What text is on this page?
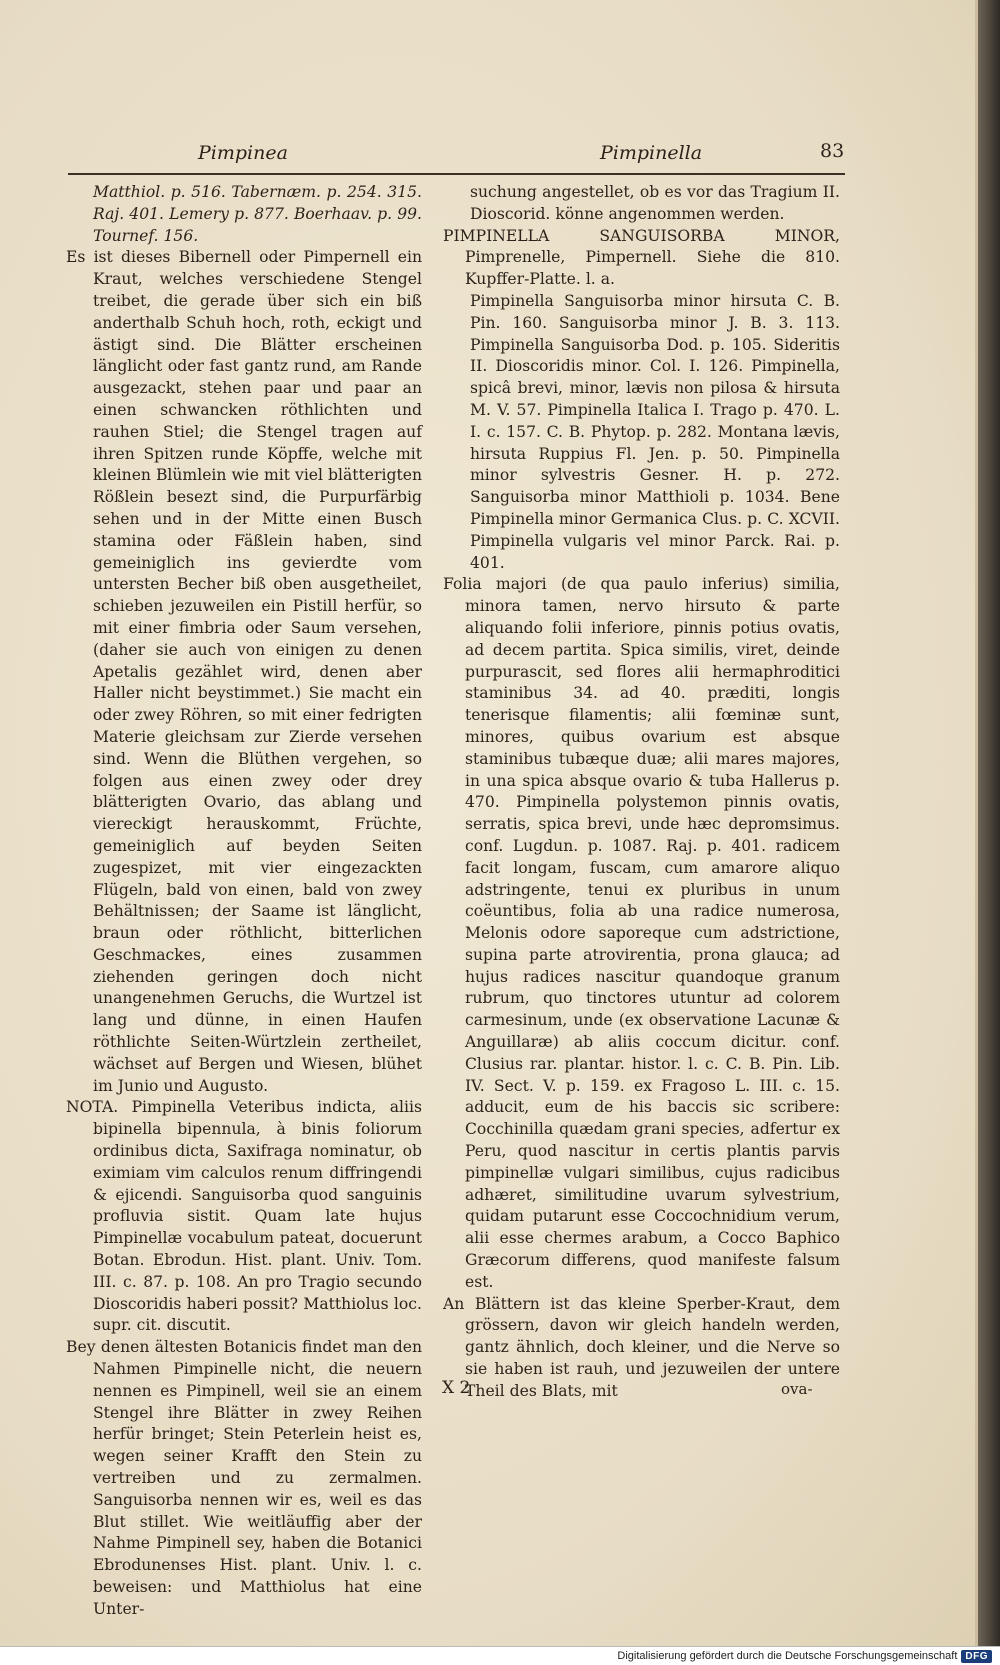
Pimpinea	Pimpinella	83

Matthiol. p. 516. Tabernæm. p. 254. 315. Raj. 401. Lemery p. 877. Boerhaav. p. 99. Tournef. 156.

Es ist dieses Bibernell oder Pimpernell ein Kraut, welches verschiedene Stengel treibet, die gerade über sich ein biß anderthalb Schuh hoch, roth, eckigt und ästigt sind. Die Blätter erscheinen länglicht oder fast gantz rund, am Rande ausgezackt, stehen paar und paar an einen schwancken röthlichten und rauhen Stiel; die Stengel tragen auf ihren Spitzen runde Köpffe, welche mit kleinen Blümlein wie mit viel blätterigten Rößlein besezt sind, die Purpurfärbig sehen und in der Mitte einen Busch stamina oder Fäßlein haben, sind gemeiniglich ins gevierdte vom untersten Becher biß oben ausgetheilet, schieben jezuweilen ein Pistill herfür, so mit einer fimbria oder Saum versehen, (daher sie auch von einigen zu denen Apetalis gezählet wird, denen aber Haller nicht beystimmet.) Sie macht ein oder zwey Röhren, so mit einer fedrigten Materie gleichsam zur Zierde versehen sind. Wenn die Blüthen vergehen, so folgen aus einen zwey oder drey blätterigten Ovario, das ablang und viereckigt herauskommt, Früchte, gemeiniglich auf beyden Seiten zugespizet, mit vier eingezackten Flügeln, bald von einen, bald von zwey Behältnissen; der Saame ist länglicht, braun oder röthlicht, bitterlichen Geschmackes, eines zusammen ziehenden geringen doch nicht unangenehmen Geruchs, die Wurtzel ist lang und dünne, in einen Haufen röthlichte Seiten-Würtzlein zertheilet, wächset auf Bergen und Wiesen, blühet im Junio und Augusto.

NOTA. Pimpinella Veteribus indicta, aliis bipinella bipennula, à binis foliorum ordinibus dicta, Saxifraga nominatur, ob eximiam vim calculos renum diffringendi & ejicendi. Sanguisorba quod sanguinis profluvia sistit. Quam late hujus Pimpinellæ vocabulum pateat, docuerunt Botan. Ebrodun. Hist. plant. Univ. Tom. III. c. 87. p. 108. An pro Tragio secundo Dioscoridis haberi possit? Matthiolus loc. supr. cit. discutit.

Bey denen ältesten Botanicis findet man den Nahmen Pimpinelle nicht, die neuern nennen es Pimpinell, weil sie an einem Stengel ihre Blätter in zwey Reihen herfür bringet; Stein Peterlein heist es, wegen seiner Krafft den Stein zu vertreiben und zu zermalmen. Sanguisorba nennen wir es, weil es das Blut stillet. Wie weitläuffig aber der Nahme Pimpinell sey, haben die Botanici Ebrodunenses Hist. plant. Univ. l. c. beweisen: und Matthiolus hat eine Unter-

suchung angestellet, ob es vor das Tragium II. Dioscorid. könne angenommen werden.

PIMPINELLA SANGUISORBA MINOR, Pimprenelle, Pimpernell. Siehe die 810. Kupffer-Platte. l. a.

Pimpinella Sanguisorba minor hirsuta C. B. Pin. 160. Sanguisorba minor J. B. 3. 113. Pimpinella Sanguisorba Dod. p. 105. Sideritis II. Dioscoridis minor. Col. I. 126. Pimpinella, spicâ brevi, minor, lævis non pilosa & hirsuta M. V. 57. Pimpinella Italica I. Trago p. 470. L. I. c. 157. C. B. Phytop. p. 282. Montana lævis, hirsuta Ruppius Fl. Jen. p. 50. Pimpinella minor sylvestris Gesner. H. p. 272. Sanguisorba minor Matthioli p. 1034. Bene Pimpinella minor Germanica Clus. p. C. XCVII. Pimpinella vulgaris vel minor Parck. Rai. p. 401.

Folia majori (de qua paulo inferius) similia, minora tamen, nervo hirsuto & parte aliquando folii inferiore, pinnis potius ovatis, ad decem partita. Spica similis, viret, deinde purpurascit, sed flores alii hermaphroditici staminibus 34. ad 40. præditi, longis tenerisque filamentis; alii fœminæ sunt, minores, quibus ovarium est absque staminibus tubæque duæ; alii mares majores, in una spica absque ovario & tuba Hallerus p. 470. Pimpinella polystemon pinnis ovatis, serratis, spica brevi, unde hæc depromsimus. conf. Lugdun. p. 1087. Raj. p. 401. radicem facit longam, fuscam, cum amarore aliquo adstringente, tenui ex pluribus in unum coëuntibus, folia ab una radice numerosa, Melonis odore saporeque cum adstrictione, supina parte atrovirentia, prona glauca; ad hujus radices nascitur quandoque granum rubrum, quo tinctores utuntur ad colorem carmesinum, unde (ex observatione Lacunæ & Anguillaræ) ab aliis coccum dicitur. conf. Clusius rar. plantar. histor. l. c. C. B. Pin. Lib. IV. Sect. V. p. 159. ex Fragoso L. III. c. 15. adducit, eum de his baccis sic scribere: Cocchinilla quædam grani species, adfertur ex Peru, quod nascitur in certis plantis parvis pimpinellæ vulgari similibus, cujus radicibus adhæret, similitudine uvarum sylvestrium, quidam putarunt esse Coccochnidium verum, alii esse chermes arabum, a Cocco Baphico Græcorum differens, quod manifeste falsum est.

An Blättern ist das kleine Sperber-Kraut, dem grössern, davon wir gleich handeln werden, gantz ähnlich, doch kleiner, und die Nerve so sie haben ist rauh, und jezuweilen der untere Theil des Blats, mit

X 2	ova-
Digitalisierung gefördert durch die Deutsche Forschungsgemeinschaft DFG
